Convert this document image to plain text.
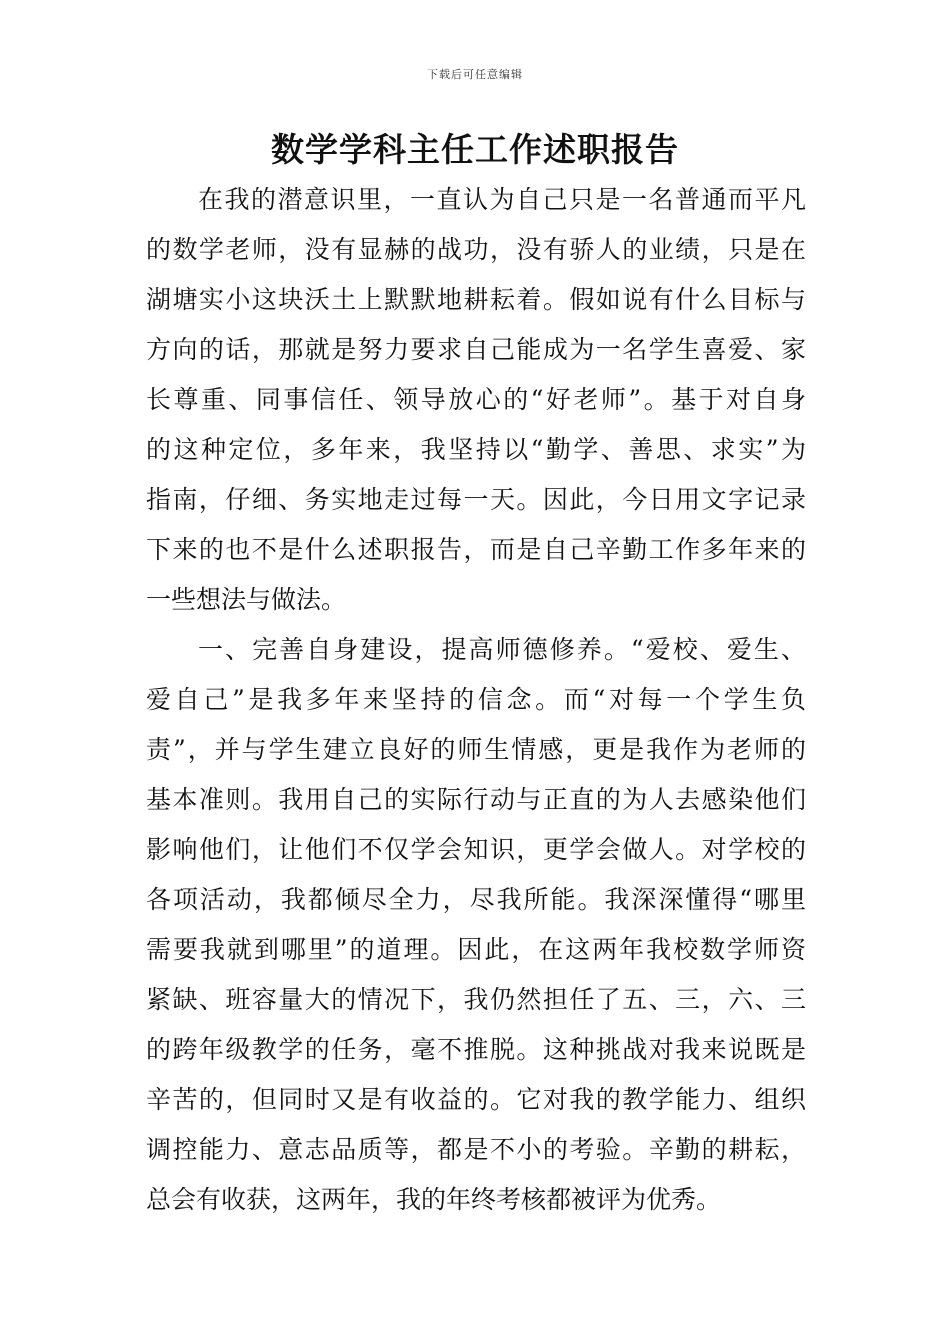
下载后可任意编辑
数学学科主任工作述职报告
在我的潜意识里，一直认为自己只是一名普通而平凡
的数学老师，没有显赫的战功，没有骄人的业绩，只是在
湖塘实小这块沃土上默默地耕耘着。假如说有什么目标与
方向的话，那就是努力要求自己能成为一名学生喜爱、家
长尊重、同事信任、领导放心的“好老师”。基于对自身
的这种定位，多年来，我坚持以“勤学、善思、求实”为
指南，仔细、务实地走过每一天。因此，今日用文字记录
下来的也不是什么述职报告，而是自己辛勤工作多年来的
一些想法与做法。
一、完善自身建设，提高师德修养。“爱校、爱生、
爱自己”是我多年来坚持的信念。而“对每一个学生负
责”，并与学生建立良好的师生情感，更是我作为老师的
基本准则。我用自己的实际行动与正直的为人去感染他们
影响他们，让他们不仅学会知识，更学会做人。对学校的
各项活动，我都倾尽全力，尽我所能。我深深懂得“哪里
需要我就到哪里”的道理。因此，在这两年我校数学师资
紧缺、班容量大的情况下，我仍然担任了五、三，六、三
的跨年级教学的任务，毫不推脱。这种挑战对我来说既是
辛苦的，但同时又是有收益的。它对我的教学能力、组织
调控能力、意志品质等，都是不小的考验。辛勤的耕耘，
总会有收获，这两年，我的年终考核都被评为优秀。
